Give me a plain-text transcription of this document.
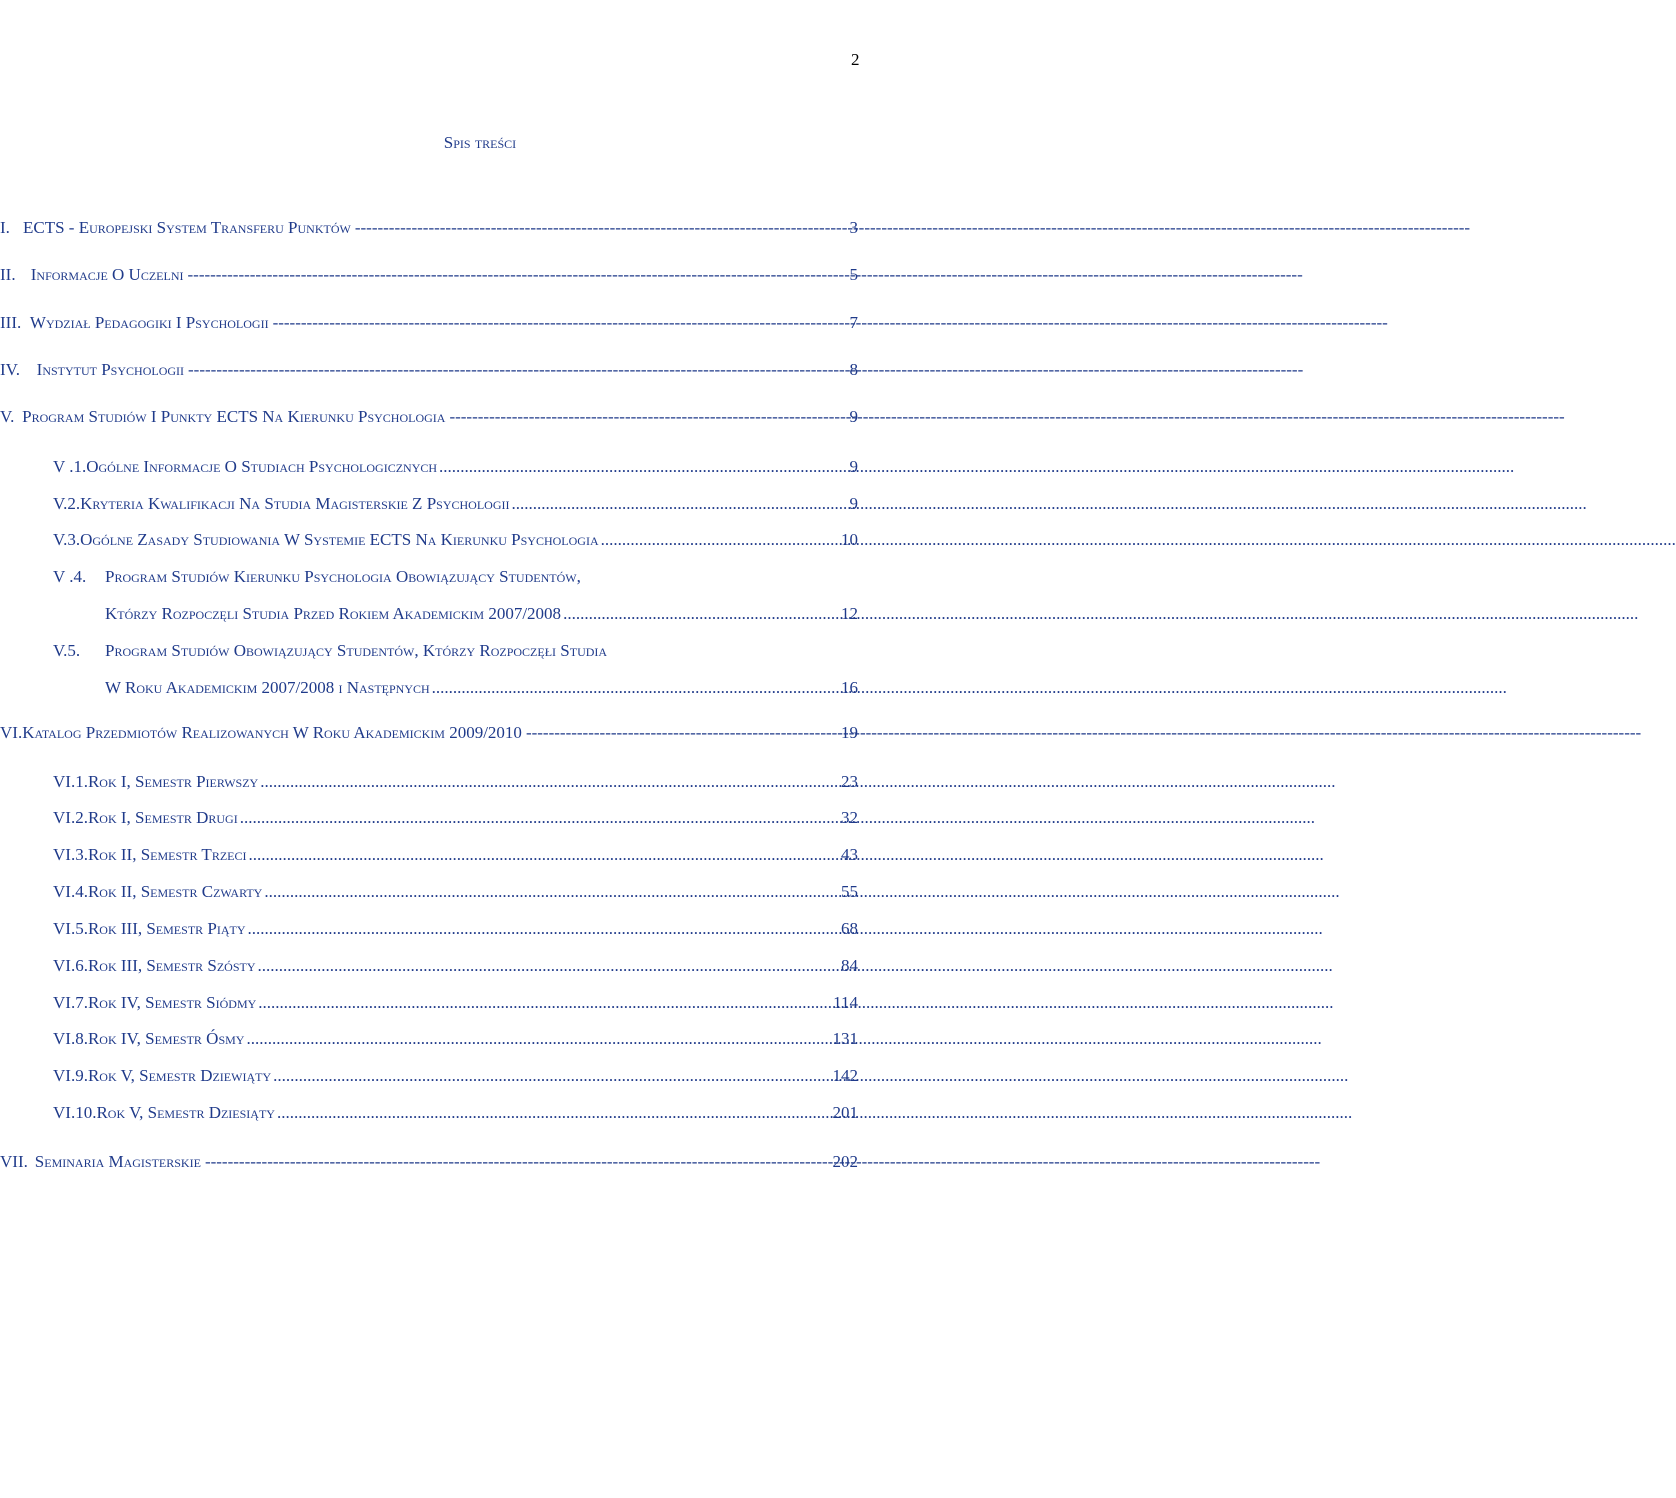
2
Spis treści
I. ECTS - Europejski System Transferu Punktów -----	3
II. Informacje O Uczelni -----	5
III. Wydział Pedagogiki I Psychologii -----	7
IV. Instytut Psychologii -----	8
V. Program Studiów I Punkty ECTS Na Kierunku Psychologia -----	9
V .1. Ogólne Informacje O Studiach Psychologicznych .....	9
V.2. Kryteria Kwalifikacji Na Studia Magisterskie Z Psychologii .....	9
V.3. Ogólne Zasady Studiowania W Systemie ECTS Na Kierunku Psychologia .....	10
V .4.	Program Studiów Kierunku Psychologia Obowiązujący Studentów,
Którzy Rozpoczęli Studia Przed Rokiem Akademickim 2007/2008 .....	12
V.5.	Program Studiów Obowiązujący Studentów, Którzy Rozpoczęłi Studia
W Roku Akademickim 2007/2008 i Następnych .....	16
VI. Katalog Przedmiotów Realizowanych W Roku Akademickim 2009/2010 -----	19
VI.1. Rok I, Semestr Pierwszy .....	23
VI.2. Rok I, Semestr Drugi .....	32
VI.3. Rok II, Semestr Trzeci .....	43
VI.4. Rok II, Semestr Czwarty .....	55
VI.5. Rok III, Semestr Piąty .....	68
VI.6. Rok III, Semestr Szósty .....	84
VI.7. Rok IV, Semestr Siódmy .....	114
VI.8. Rok IV, Semestr Ósmy .....	131
VI.9. Rok V, Semestr Dziewiąty .....	142
VI.10. Rok V, Semestr Dziesiąty .....	201
VII. Seminaria Magisterskie -----	202
